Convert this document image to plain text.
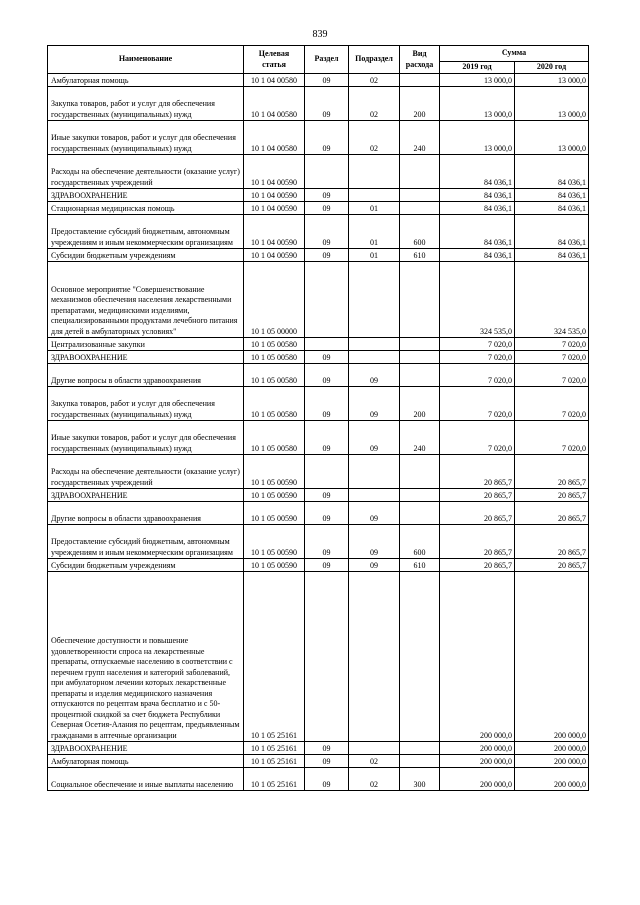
839
Наименование	Целевая статья	Раздел	Подраздел	Вид расхода	Сумма	
					2019 год	2020 год
Амбулаторная помощь	10 1 04 00580	09	02		13 000,0	13 000,0
Закупка товаров, работ и услуг для обеспечения государственных (муниципальных) нужд	10 1 04 00580	09	02	200	13 000,0	13 000,0
Иные закупки товаров, работ и услуг для обеспечения государственных (муниципальных) нужд	10 1 04 00580	09	02	240	13 000,0	13 000,0
Расходы на обеспечение деятельности (оказание услуг) государственных учреждений	10 1 04 00590				84 036,1	84 036,1
ЗДРАВООХРАНЕНИЕ	10 1 04 00590	09			84 036,1	84 036,1
Стационарная медицинская помощь	10 1 04 00590	09	01		84 036,1	84 036,1
Предоставление субсидий бюджетным, автономным учреждениям и иным некоммерческим организациям	10 1 04 00590	09	01	600	84 036,1	84 036,1
Субсидии бюджетным учреждениям	10 1 04 00590	09	01	610	84 036,1	84 036,1
Основное мероприятие "Совершенствование механизмов обеспечения населения лекарственными препаратами, медицинскими изделиями, специализированными продуктами лечебного питания для детей в амбулаторных условиях"	10 1 05 00000				324 535,0	324 535,0
Централизованные закупки	10 1 05 00580				7 020,0	7 020,0
ЗДРАВООХРАНЕНИЕ	10 1 05 00580	09			7 020,0	7 020,0
Другие вопросы в области здравоохранения	10 1 05 00580	09	09		7 020,0	7 020,0
Закупка товаров, работ и услуг для обеспечения государственных (муниципальных) нужд	10 1 05 00580	09	09	200	7 020,0	7 020,0
Иные закупки товаров, работ и услуг для обеспечения государственных (муниципальных) нужд	10 1 05 00580	09	09	240	7 020,0	7 020,0
Расходы на обеспечение деятельности (оказание услуг) государственных учреждений	10 1 05 00590				20 865,7	20 865,7
ЗДРАВООХРАНЕНИЕ	10 1 05 00590	09			20 865,7	20 865,7
Другие вопросы в области здравоохранения	10 1 05 00590	09	09		20 865,7	20 865,7
Предоставление субсидий бюджетным, автономным учреждениям и иным некоммерческим организациям	10 1 05 00590	09	09	600	20 865,7	20 865,7
Субсидии бюджетным учреждениям	10 1 05 00590	09	09	610	20 865,7	20 865,7
Обеспечение доступности и повышение удовлетворенности спроса на лекарственные препараты, отпускаемые населению в соответствии с перечнем групп населения и категорий заболеваний, при амбулаторном лечении которых лекарственные препараты и изделия медицинского назначения отпускаются по рецептам врача бесплатно и с 50-процентной скидкой за счет бюджета Республики Северная Осетия-Алания по рецептам, предъявленным гражданами в аптечные организации	10 1 05 25161				200 000,0	200 000,0
ЗДРАВООХРАНЕНИЕ	10 1 05 25161	09			200 000,0	200 000,0
Амбулаторная помощь	10 1 05 25161	09	02		200 000,0	200 000,0
Социальное обеспечение и иные выплаты населению	10 1 05 25161	09	02	300	200 000,0	200 000,0
